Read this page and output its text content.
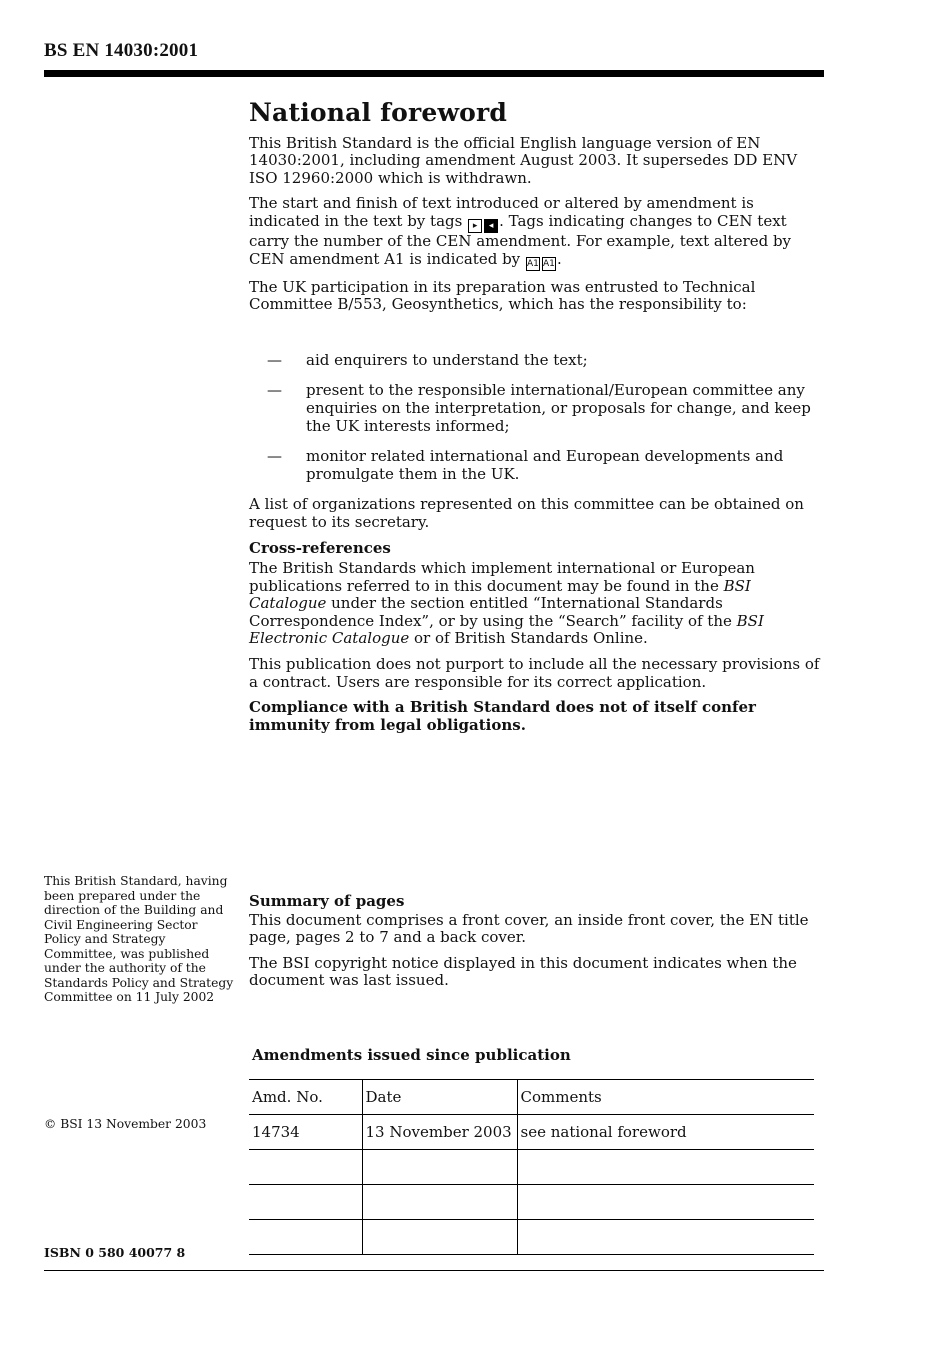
BS EN 14030:2001
National foreword

This British Standard is the official English language version of EN 14030:2001, including amendment August 2003. It supersedes DD ENV ISO 12960:2000 which is withdrawn.

The start and finish of text introduced or altered by amendment is indicated in the text by tags ▸ ◂ . Tags indicating changes to CEN text carry the number of the CEN amendment. For example, text altered by CEN amendment A1 is indicated by A1 A1 .

The UK participation in its preparation was entrusted to Technical Committee B/553, Geosynthetics, which has the responsibility to:

— aid enquirers to understand the text;
— present to the responsible international/European committee any enquiries on the interpretation, or proposals for change, and keep the UK interests informed;
— monitor related international and European developments and promulgate them in the UK.

A list of organizations represented on this committee can be obtained on request to its secretary.

Cross-references

The British Standards which implement international or European publications referred to in this document may be found in the BSI Catalogue under the section entitled “International Standards Correspondence Index”, or by using the “Search” facility of the BSI Electronic Catalogue or of British Standards Online.

This publication does not purport to include all the necessary provisions of a contract. Users are responsible for its correct application.

Compliance with a British Standard does not of itself confer immunity from legal obligations.

This British Standard, having been prepared under the direction of the Building and Civil Engineering Sector Policy and Strategy Committee, was published under the authority of the Standards Policy and Strategy Committee on 11 July 2002
Summary of pages

This document comprises a front cover, an inside front cover, the EN title page, pages 2 to 7 and a back cover.

The BSI copyright notice displayed in this document indicates when the document was last issued.

Amendments issued since publication
Amd. No.	Date	Comments
14734	13 November 2003	see national foreword

© BSI 13 November 2003
ISBN 0 580 40077 8
